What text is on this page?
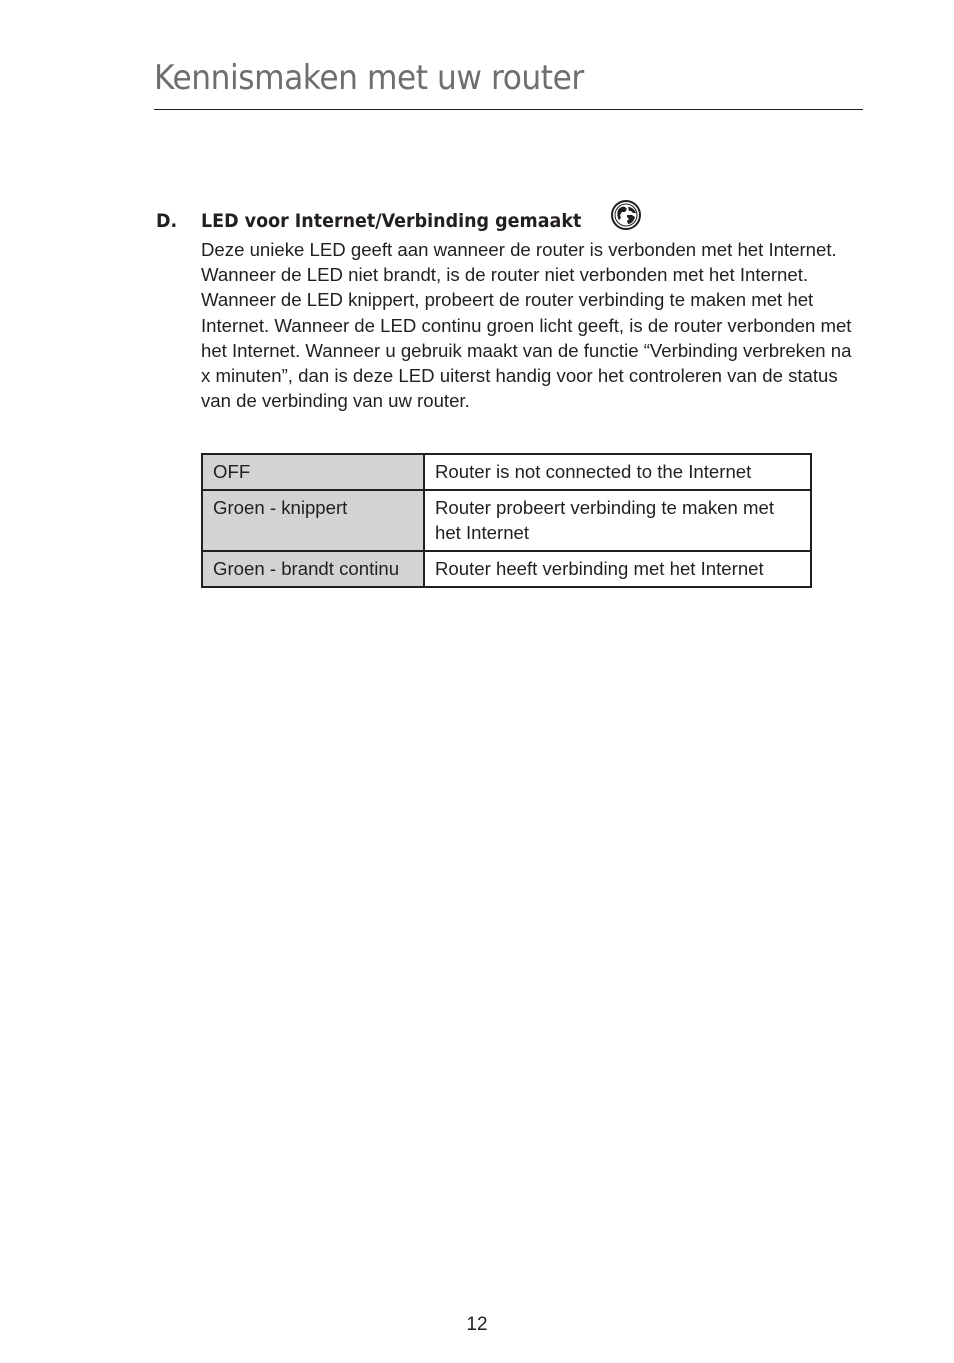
Kennismaken met uw router
D. LED voor Internet/Verbinding gemaakt

Deze unieke LED geeft aan wanneer de router is verbonden met het Internet. Wanneer de LED niet brandt, is de router niet verbonden met het Internet. Wanneer de LED knippert, probeert de router verbinding te maken met het Internet. Wanneer de LED continu groen licht geeft, is de router verbonden met het Internet. Wanneer u gebruik maakt van de functie “Verbinding verbreken na x minuten”, dan is deze LED uiterst handig voor het controleren van de status van de verbinding van uw router.

OFF	Router is not connected to the Internet
Groen - knippert	Router probeert verbinding te maken met het Internet
Groen - brandt continu	Router heeft verbinding met het Internet
12
